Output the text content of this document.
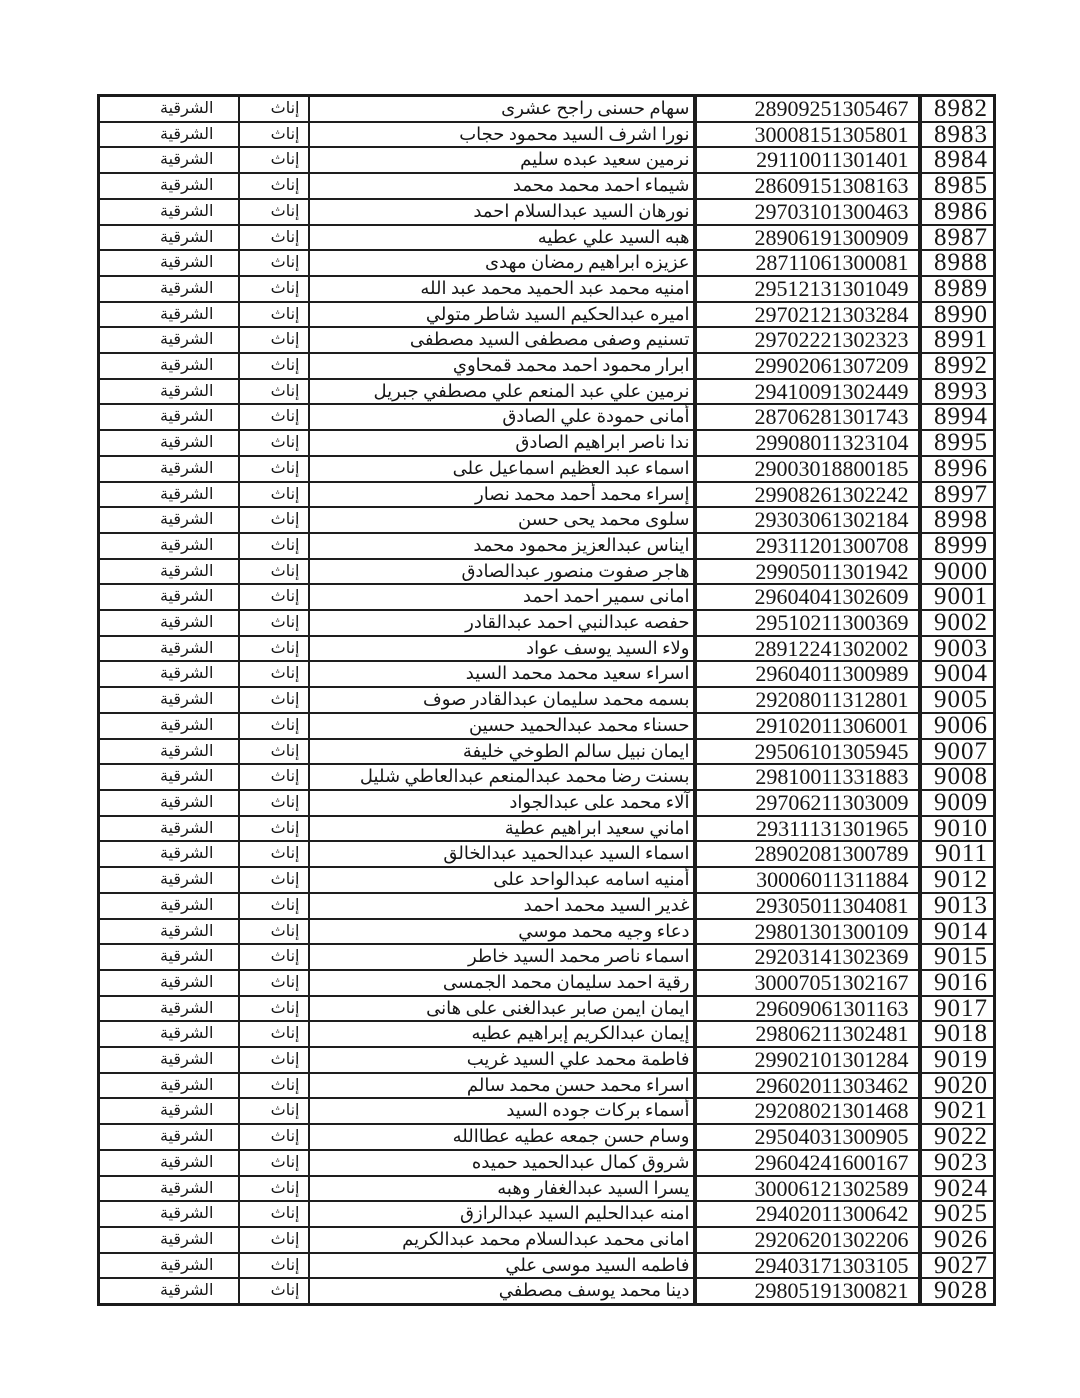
8982	28909251305467	سهام حسنى راجح عشرى	إناث	الشرقية
8983	30008151305801	نورا اشرف السيد محمود حجاب	إناث	الشرقية
8984	29110011301401	نرمين سعيد عبده سليم	إناث	الشرقية
8985	28609151308163	شيماء احمد محمد محمد	إناث	الشرقية
8986	29703101300463	نورهان السيد عبدالسلام احمد	إناث	الشرقية
8987	28906191300909	هبه السيد علي عطيه	إناث	الشرقية
8988	28711061300081	عزيزه ابراهيم رمضان مهدى	إناث	الشرقية
8989	29512131301049	امنيه محمد عبد الحميد محمد عبد الله	إناث	الشرقية
8990	29702121303284	اميره عبدالحكيم السيد شاطر متولي	إناث	الشرقية
8991	29702221302323	تسنيم وصفى مصطفى السيد مصطفى	إناث	الشرقية
8992	29902061307209	ابرار محمود احمد محمد قمحاوي	إناث	الشرقية
8993	29410091302449	نرمين علي عبد المنعم علي مصطفي جبريل	إناث	الشرقية
8994	28706281301743	أمانى حمودة علي الصادق	إناث	الشرقية
8995	29908011323104	ندا ناصر ابراهيم الصادق	إناث	الشرقية
8996	29003018800185	اسماء عبد العظيم اسماعيل على	إناث	الشرقية
8997	29908261302242	إسراء محمد أحمد محمد نصار	إناث	الشرقية
8998	29303061302184	سلوى محمد يحى حسن	إناث	الشرقية
8999	29311201300708	ايناس عبدالعزيز محمود محمد	إناث	الشرقية
9000	29905011301942	هاجر صفوت منصور عبدالصادق	إناث	الشرقية
9001	29604041302609	امانى سمير احمد احمد	إناث	الشرقية
9002	29510211300369	حفصه عبدالنبي احمد عبدالقادر	إناث	الشرقية
9003	28912241302002	ولاء السيد يوسف عواد	إناث	الشرقية
9004	29604011300989	اسراء سعيد محمد محمد السيد	إناث	الشرقية
9005	29208011312801	بسمه محمد سليمان عبدالقادر صوف	إناث	الشرقية
9006	29102011306001	حسناء محمد عبدالحميد حسين	إناث	الشرقية
9007	29506101305945	ايمان نبيل سالم الطوخي خليفة	إناث	الشرقية
9008	29810011331883	بسنت رضا محمد عبدالمنعم عبدالعاطي شليل	إناث	الشرقية
9009	29706211303009	آلاء محمد على عبدالجواد	إناث	الشرقية
9010	29311131301965	اماني سعيد ابراهيم عطية	إناث	الشرقية
9011	28902081300789	اسماء السيد عبدالحميد عبدالخالق	إناث	الشرقية
9012	30006011311884	أمنيه اسامه عبدالواحد على	إناث	الشرقية
9013	29305011304081	غدير السيد محمد احمد	إناث	الشرقية
9014	29801301300109	دعاء وجيه محمد موسي	إناث	الشرقية
9015	29203141302369	اسماء ناصر محمد السيد خاطر	إناث	الشرقية
9016	30007051302167	رقية احمد سليمان محمد الجمسى	إناث	الشرقية
9017	29609061301163	ايمان ايمن صابر عبدالغنى على هانى	إناث	الشرقية
9018	29806211302481	إيمان عبدالكريم إبراهيم عطيه	إناث	الشرقية
9019	29902101301284	فاطمة محمد علي السيد غريب	إناث	الشرقية
9020	29602011303462	اسراء محمد حسن محمد سالم	إناث	الشرقية
9021	29208021301468	أسماء بركات جوده السيد	إناث	الشرقية
9022	29504031300905	وسام حسن جمعه عطيه عطاالله	إناث	الشرقية
9023	29604241600167	شروق كمال عبدالحميد حميده	إناث	الشرقية
9024	30006121302589	يسرا السيد عبدالغفار وهبه	إناث	الشرقية
9025	29402011300642	امنه عبدالحليم السيد عبدالرازق	إناث	الشرقية
9026	29206201302206	امانى محمد عبدالسلام محمد عبدالكريم	إناث	الشرقية
9027	29403171303105	فاطمه السيد موسى علي	إناث	الشرقية
9028	29805191300821	دينا محمد يوسف مصطفي	إناث	الشرقية
